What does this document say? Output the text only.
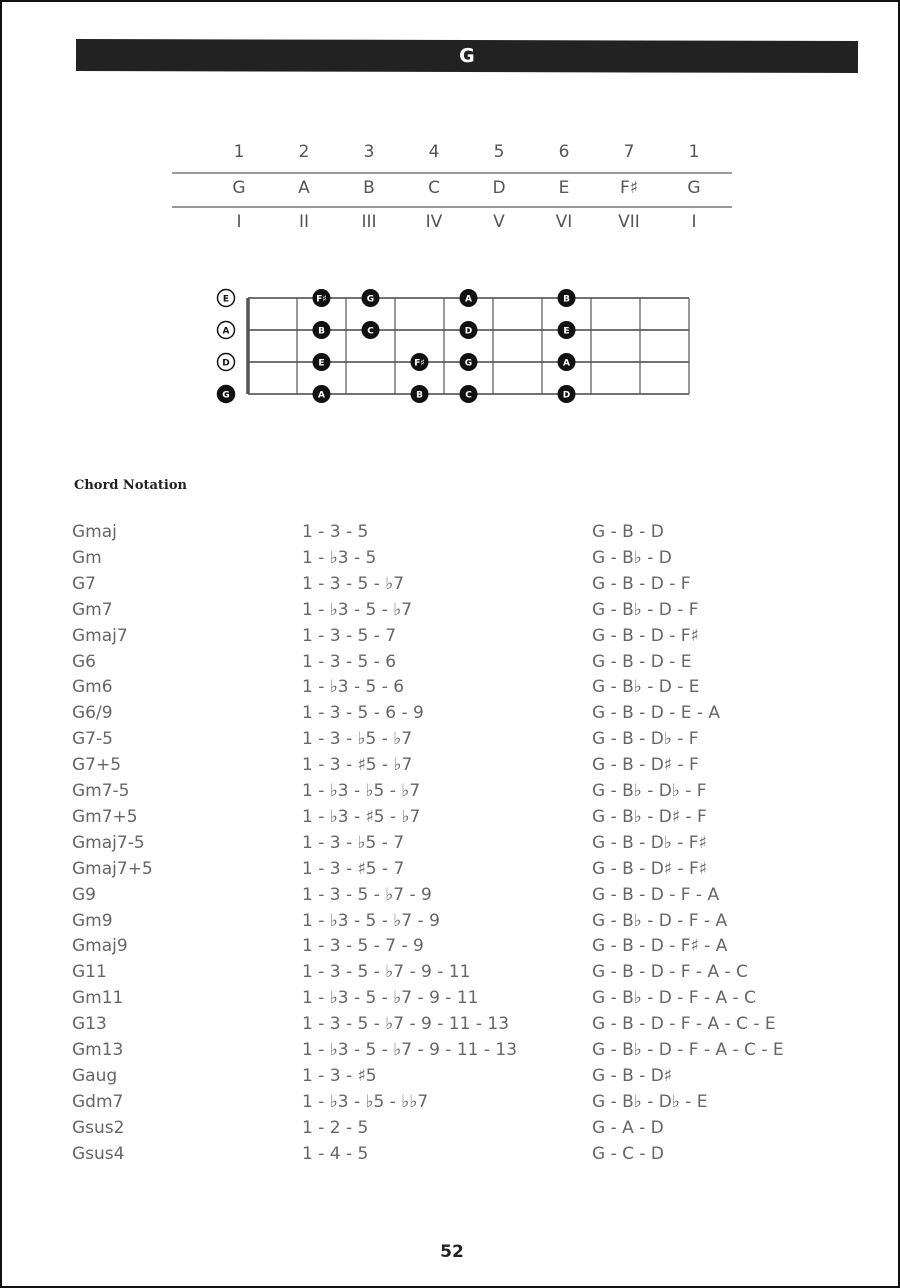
G
1	2	3	4	5	6	7	1
G	A	B	C	D	E	F♯	G
I	II	III	IV	V	VI	VII	I
E	F♯	G	A	B
A	B	C	D	E
D	E	F♯	G	A
G	A	B	C	D
Chord Notation
Gmaj	1 - 3 - 5	G - B - D
Gm	1 - ♭3 - 5	G - B♭ - D
G7	1 - 3 - 5 - ♭7	G - B - D - F
Gm7	1 - ♭3 - 5 - ♭7	G - B♭ - D - F
Gmaj7	1 - 3 - 5 - 7	G - B - D - F♯
G6	1 - 3 - 5 - 6	G - B - D - E
Gm6	1 - ♭3 - 5 - 6	G - B♭ - D - E
G6/9	1 - 3 - 5 - 6 - 9	G - B - D - E - A
G7-5	1 - 3 - ♭5 - ♭7	G - B - D♭ - F
G7+5	1 - 3 - ♯5 - ♭7	G - B - D♯ - F
Gm7-5	1 - ♭3 - ♭5 - ♭7	G - B♭ - D♭ - F
Gm7+5	1 - ♭3 - ♯5 - ♭7	G - B♭ - D♯ - F
Gmaj7-5	1 - 3 - ♭5 - 7	G - B - D♭ - F♯
Gmaj7+5	1 - 3 - ♯5 - 7	G - B - D♯ - F♯
G9	1 - 3 - 5 - ♭7 - 9	G - B - D - F - A
Gm9	1 - ♭3 - 5 - ♭7 - 9	G - B♭ - D - F - A
Gmaj9	1 - 3 - 5 - 7 - 9	G - B - D - F♯ - A
G11	1 - 3 - 5 - ♭7 - 9 - 11	G - B - D - F - A - C
Gm11	1 - ♭3 - 5 - ♭7 - 9 - 11	G - B♭ - D - F - A - C
G13	1 - 3 - 5 - ♭7 - 9 - 11 - 13	G - B - D - F - A - C - E
Gm13	1 - ♭3 - 5 - ♭7 - 9 - 11 - 13	G - B♭ - D - F - A - C - E
Gaug	1 - 3 - ♯5	G - B - D♯
Gdm7	1 - ♭3 - ♭5 - ♭♭7	G - B♭ - D♭ - E
Gsus2	1 - 2 - 5	G - A - D
Gsus4	1 - 4 - 5	G - C - D
52
